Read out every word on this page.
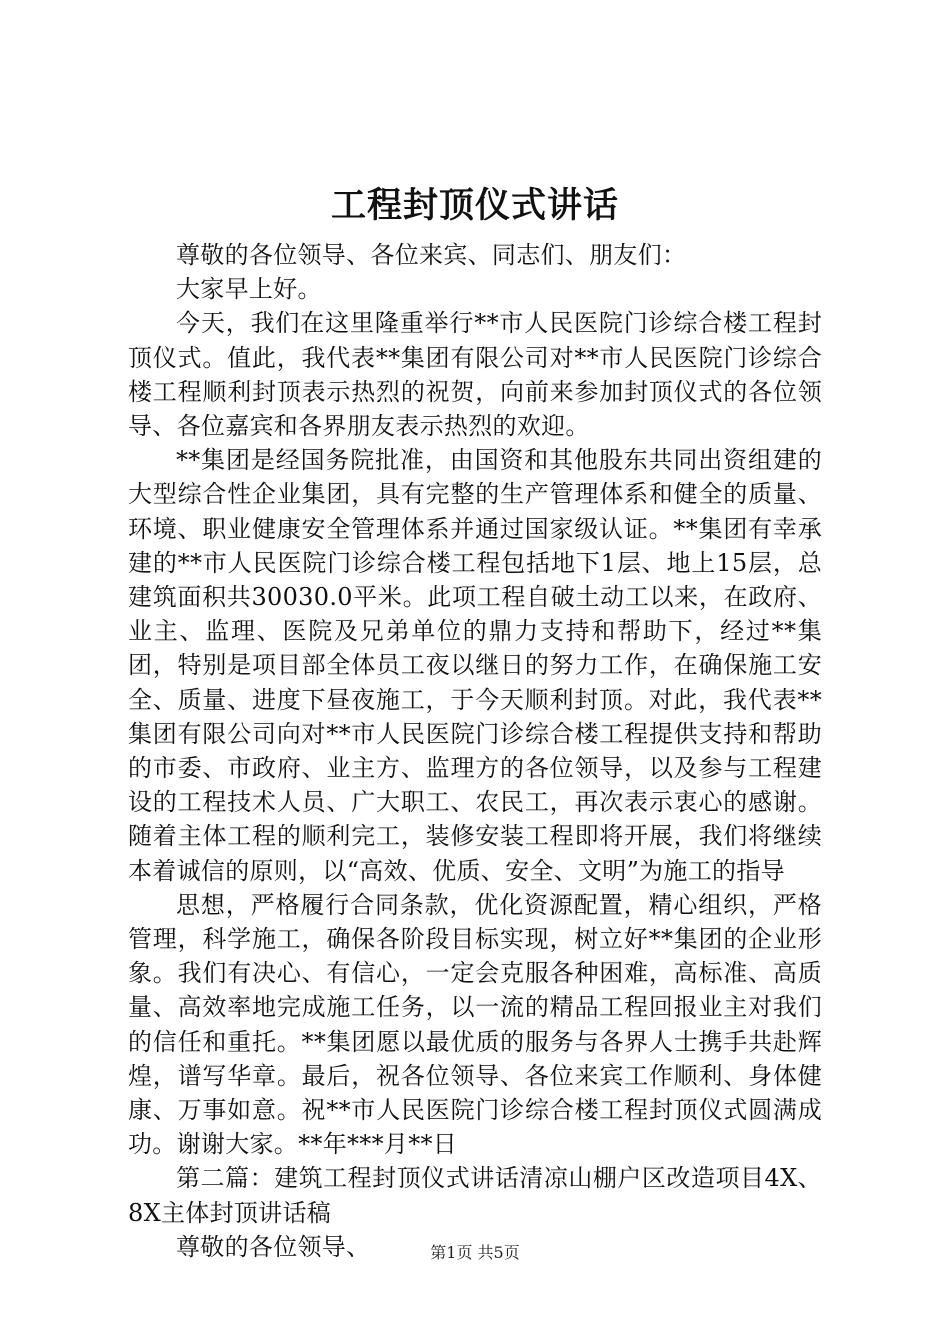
工程封顶仪式讲话

尊敬的各位领导、各位来宾、同志们、朋友们：

大家早上好。

今天，我们在这里隆重举行**市人民医院门诊综合楼工程封顶仪式。值此，我代表**集团有限公司对**市人民医院门诊综合楼工程顺利封顶表示热烈的祝贺，向前来参加封顶仪式的各位领导、各位嘉宾和各界朋友表示热烈的欢迎。

**集团是经国务院批准，由国资和其他股东共同出资组建的大型综合性企业集团，具有完整的生产管理体系和健全的质量、环境、职业健康安全管理体系并通过国家级认证。**集团有幸承建的**市人民医院门诊综合楼工程包括地下1层、地上15层，总建筑面积共30030.0平米。此项工程自破土动工以来，在政府、业主、监理、医院及兄弟单位的鼎力支持和帮助下，经过**集团，特别是项目部全体员工夜以继日的努力工作，在确保施工安全、质量、进度下昼夜施工，于今天顺利封顶。对此，我代表**集团有限公司向对**市人民医院门诊综合楼工程提供支持和帮助的市委、市政府、业主方、监理方的各位领导，以及参与工程建设的工程技术人员、广大职工、农民工，再次表示衷心的感谢。随着主体工程的顺利完工，装修安装工程即将开展，我们将继续本着诚信的原则，以“高效、优质、安全、文明”为施工的指导

思想，严格履行合同条款，优化资源配置，精心组织，严格管理，科学施工，确保各阶段目标实现，树立好**集团的企业形象。我们有决心、有信心，一定会克服各种困难，高标准、高质量、高效率地完成施工任务，以一流的精品工程回报业主对我们的信任和重托。**集团愿以最优质的服务与各界人士携手共赴辉煌，谱写华章。最后，祝各位领导、各位来宾工作顺利、身体健康、万事如意。祝**市人民医院门诊综合楼工程封顶仪式圆满成功。谢谢大家。**年***月**日

第二篇：建筑工程封顶仪式讲话清凉山棚户区改造项目4X、8X主体封顶讲话稿

尊敬的各位领导、	第1页 共5页
